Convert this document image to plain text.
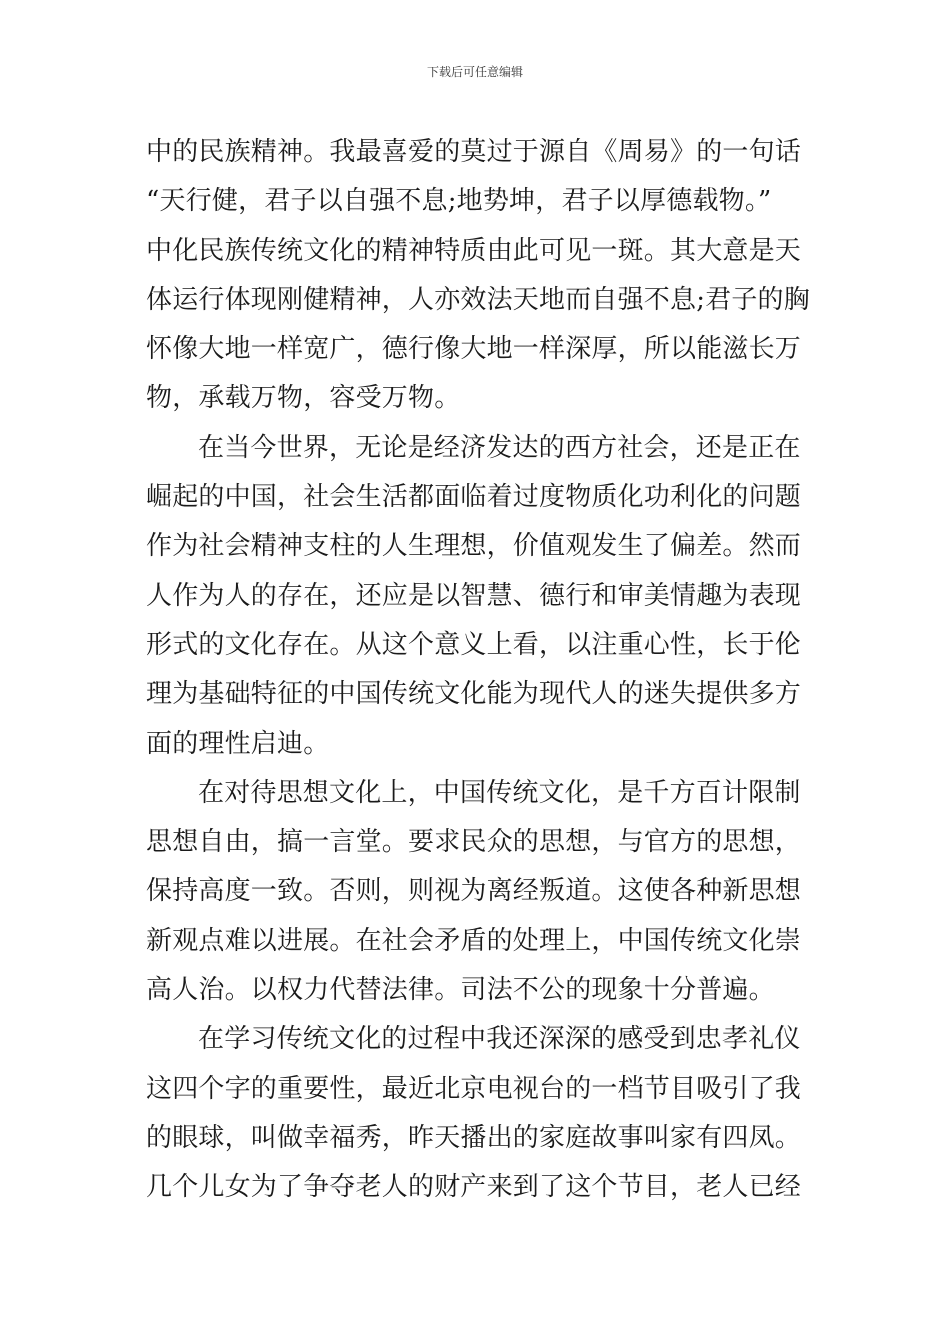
下载后可任意编辑
中的民族精神。我最喜爱的莫过于源自《周易》的一句话
“天行健，君子以自强不息;地势坤，君子以厚德载物。”
中化民族传统文化的精神特质由此可见一斑。其大意是天
体运行体现刚健精神，人亦效法天地而自强不息;君子的胸
怀像大地一样宽广，德行像大地一样深厚，所以能滋长万
物，承载万物，容受万物。
在当今世界，无论是经济发达的西方社会，还是正在
崛起的中国，社会生活都面临着过度物质化功利化的问题
作为社会精神支柱的人生理想，价值观发生了偏差。然而
人作为人的存在，还应是以智慧、德行和审美情趣为表现
形式的文化存在。从这个意义上看，以注重心性，长于伦
理为基础特征的中国传统文化能为现代人的迷失提供多方
面的理性启迪。
在对待思想文化上，中国传统文化，是千方百计限制
思想自由，搞一言堂。要求民众的思想，与官方的思想，
保持高度一致。否则，则视为离经叛道。这使各种新思想
新观点难以进展。在社会矛盾的处理上，中国传统文化崇
高人治。以权力代替法律。司法不公的现象十分普遍。
在学习传统文化的过程中我还深深的感受到忠孝礼仪
这四个字的重要性，最近北京电视台的一档节目吸引了我
的眼球，叫做幸福秀，昨天播出的家庭故事叫家有四凤。
几个儿女为了争夺老人的财产来到了这个节目，老人已经
